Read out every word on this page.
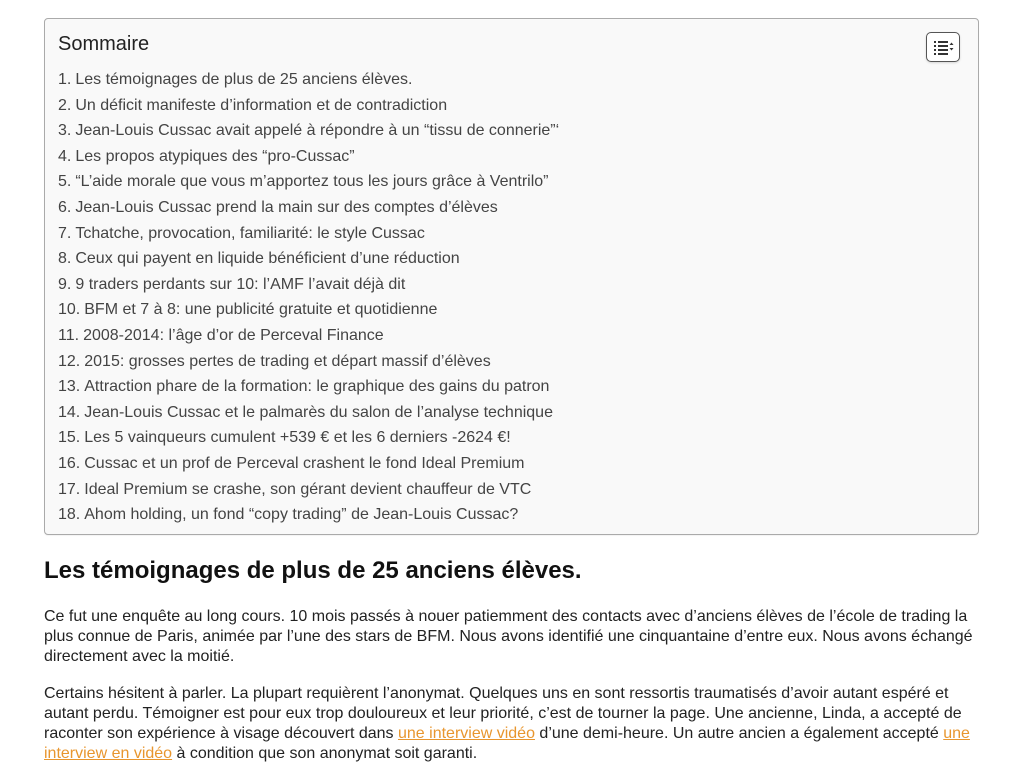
Sommaire
1. Les témoignages de plus de 25 anciens élèves.
2. Un déficit manifeste d’information et de contradiction
3. Jean-Louis Cussac avait appelé à répondre à un “tissu de connerie”‘
4. Les propos atypiques des “pro-Cussac”
5. “L’aide morale que vous m’apportez tous les jours grâce à Ventrilo”
6. Jean-Louis Cussac prend la main sur des comptes d’élèves
7. Tchatche, provocation, familiarité: le style Cussac
8. Ceux qui payent en liquide bénéficient d’une réduction
9. 9 traders perdants sur 10: l’AMF l’avait déjà dit
10. BFM et 7 à 8: une publicité gratuite et quotidienne
11. 2008-2014: l’âge d’or de Perceval Finance
12. 2015: grosses pertes de trading et départ massif d’élèves
13. Attraction phare de la formation: le graphique des gains du patron
14. Jean-Louis Cussac et le palmarès du salon de l’analyse technique
15. Les 5 vainqueurs cumulent +539 € et les 6 derniers -2624 €!
16. Cussac et un prof de Perceval crashent le fond Ideal Premium
17. Ideal Premium se crashe, son gérant devient chauffeur de VTC
18. Ahom holding, un fond “copy trading” de Jean-Louis Cussac?
Les témoignages de plus de 25 anciens élèves.

Ce fut une enquête au long cours. 10 mois passés à nouer patiemment des contacts avec d’anciens élèves de l’école de trading la plus connue de Paris, animée par l’une des stars de BFM. Nous avons identifié une cinquantaine d’entre eux. Nous avons échangé directement avec la moitié.

Certains hésitent à parler. La plupart requièrent l’anonymat. Quelques uns en sont ressortis traumatisés d’avoir autant espéré et autant perdu. Témoigner est pour eux trop douloureux et leur priorité, c’est de tourner la page. Une ancienne, Linda, a accepté de raconter son expérience à visage découvert dans une interview vidéo d’une demi-heure. Un autre ancien a également accepté une interview en vidéo à condition que son anonymat soit garanti.
